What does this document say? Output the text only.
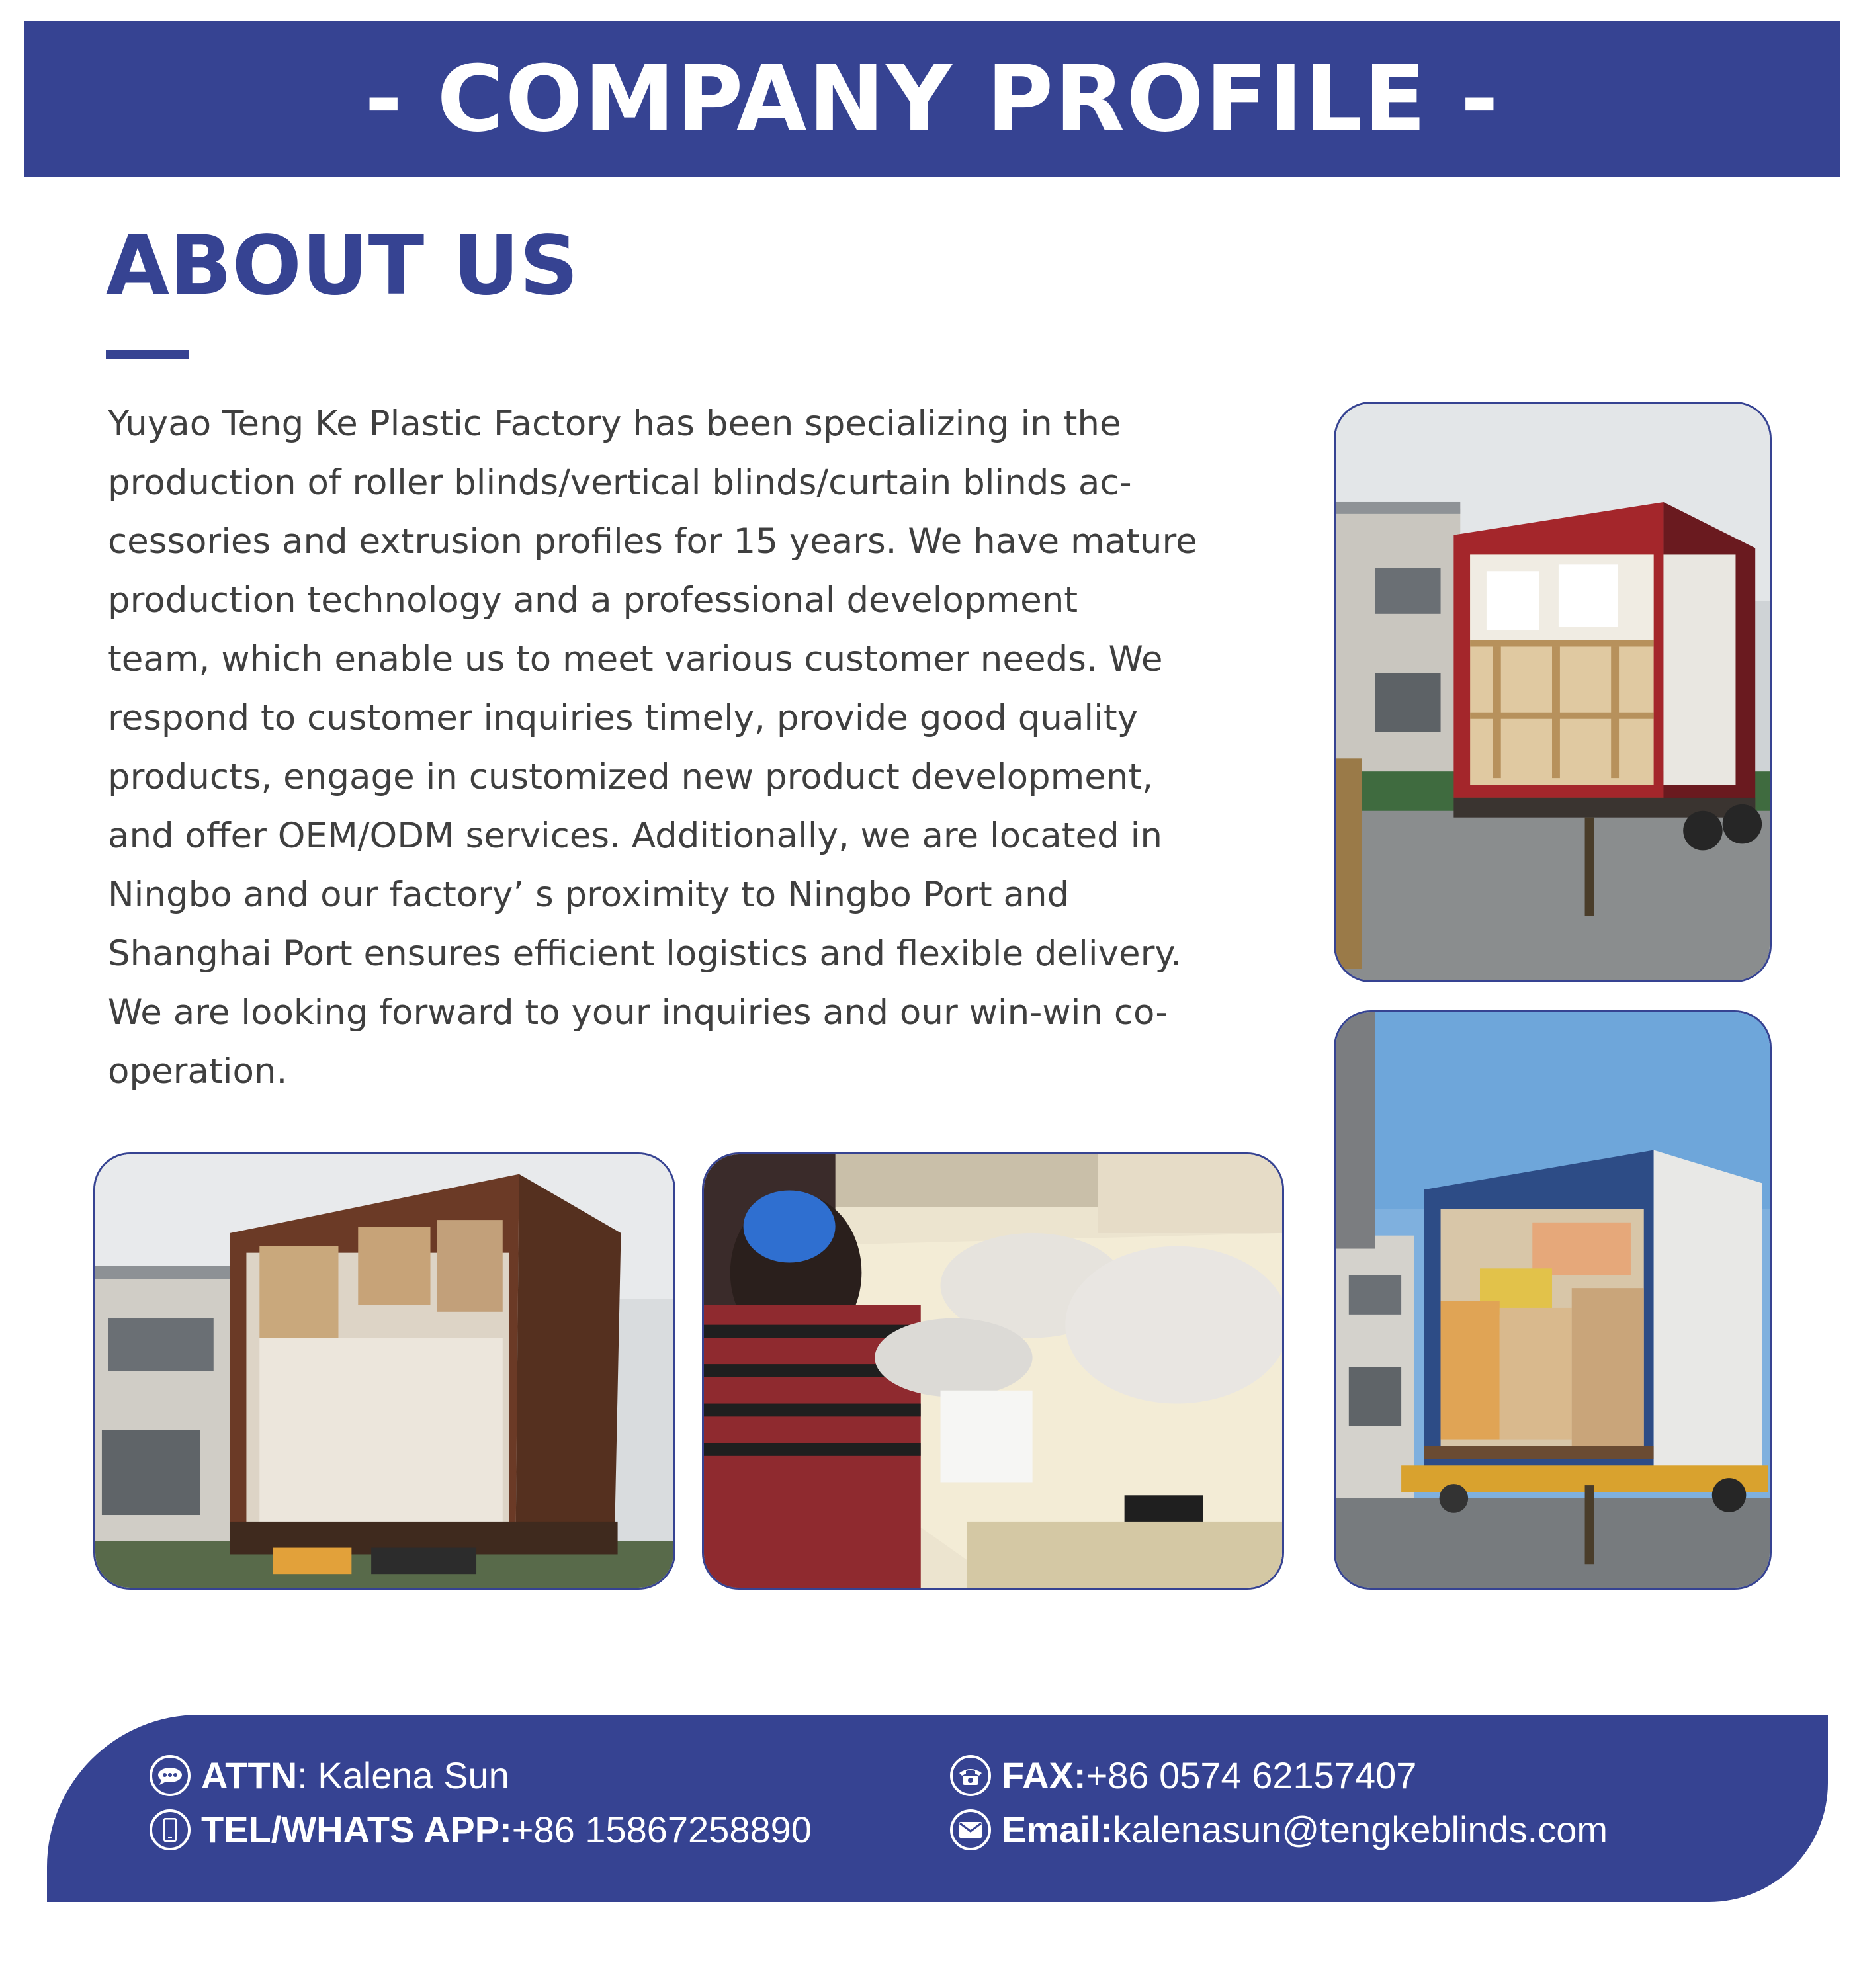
- COMPANY PROFILE -
ABOUT US

Yuyao Teng Ke Plastic Factory has been specializing in the
production of roller blinds/vertical blinds/curtain blinds ac-
cessories and extrusion profiles for 15 years. We have mature
production technology and a professional development
team, which enable us to meet various customer needs. We
respond to customer inquiries timely, provide good quality
products, engage in customized new product development,
and offer OEM/ODM services. Additionally, we are located in
Ningbo and our factory’ s proximity to Ningbo Port and
Shanghai Port ensures efficient logistics and flexible delivery.
We are looking forward to your inquiries and our win-win co-
operation.

ATTN : Kalena Sun
TEL/WHATS APP: +86 15867258890
FAX: +86 0574 62157407
Email: kalenasun@tengkeblinds.com
